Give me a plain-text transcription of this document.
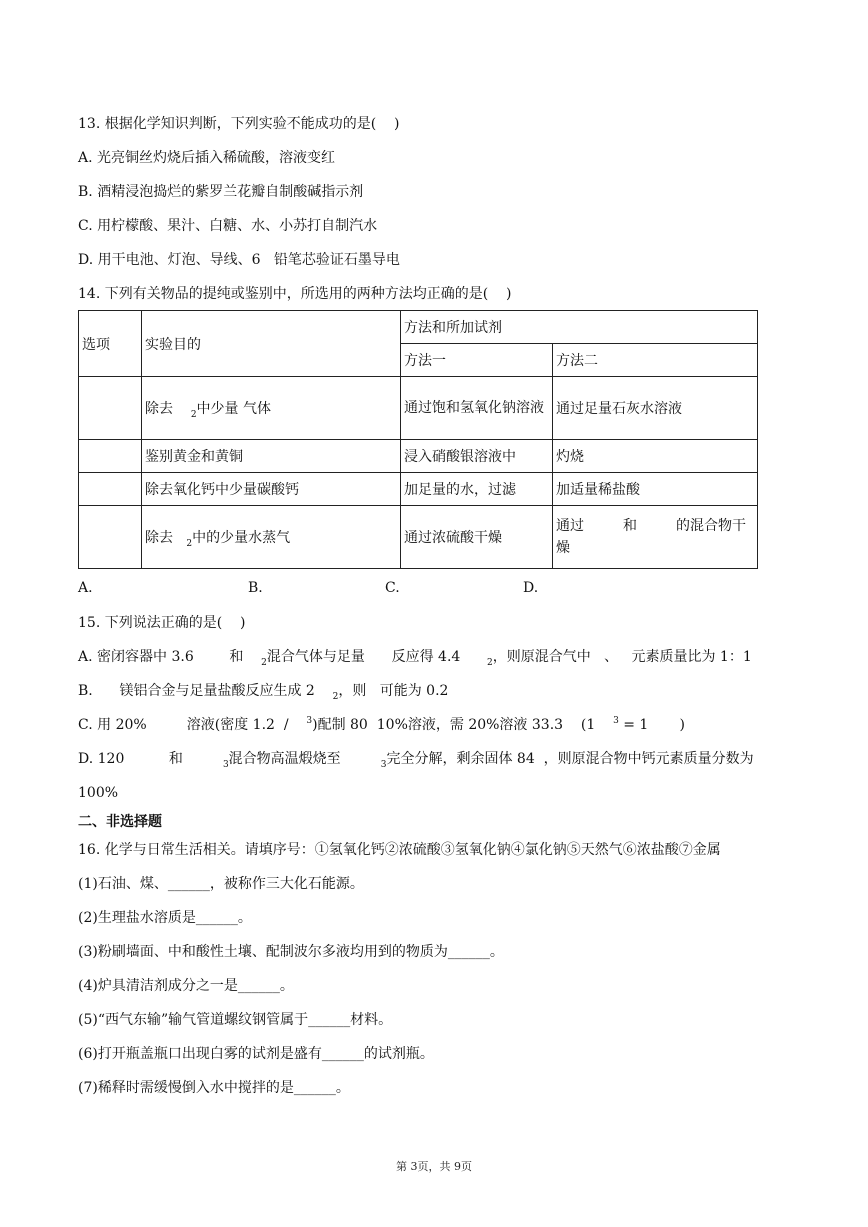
13. 根据化学知识判断，下列实验不能成功的是(    )
A. 光亮铜丝灼烧后插入稀硫酸，溶液变红
B. 酒精浸泡捣烂的紫罗兰花瓣自制酸碱指示剂
C. 用柠檬酸、果汁、白糖、水、小苏打自制汽水
D. 用干电池、灯泡、导线、6   铅笔芯验证石墨导电
14. 下列有关物品的提纯或鉴别中，所选用的两种方法均正确的是(    )
选项	实验目的	方法和所加试剂	
		方法一	方法二
	除去 $_2$中少量 气体	通过饱和氢氧化钠溶液	通过足量石灰水溶液
	鉴别黄金和黄铜	浸入硝酸银溶液中	灼烧
	除去氧化钙中少量碳酸钙	加足量的水，过滤	加适量稀盐酸
	除去 $_2$中的少量水蒸气	通过浓硫酸干燥	通过 和 的混合物干
燥
A.	B.	C.	D.
15. 下列说法正确的是(    )
A. 密闭容器中 3.6	和 $_2$混合气体与足量 反应得 4.4	$_2$，则原混合气中 、 元素质量比为 1：1
B. 镁铝合金与足量盐酸反应生成 2 $_2$，则 可能为 0.2
C. 用 20%	溶液(密度 1.2 / $^3$)配制 80 10%溶液，需 20%溶液 33.3 (1 $^3$ = 1 )
D. 120	和	$_3$混合物高温煅烧至	$_3$完全分解，剩余固体 84 ，则原混合物中钙元素质量分数为
100%
二、非选择题
16. 化学与日常生活相关。请填序号：①氢氧化钙②浓硫酸③氢氧化钠④氯化钠⑤天然气⑥浓盐酸⑦金属
(1)石油、煤、______，被称作三大化石能源。
(2)生理盐水溶质是______。
(3)粉刷墙面、中和酸性土壤、配制波尔多液均用到的物质为______。
(4)炉具清洁剂成分之一是______。
(5)“西气东输”输气管道螺纹钢管属于______材料。
(6)打开瓶盖瓶口出现白雾的试剂是盛有______的试剂瓶。
(7)稀释时需缓慢倒入水中搅拌的是______。
第 3页，共 9页
